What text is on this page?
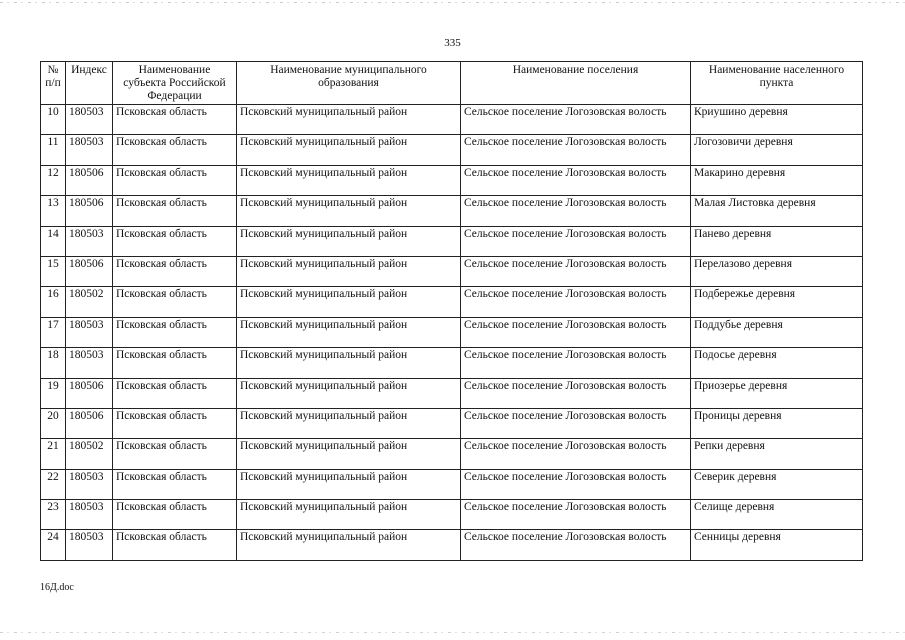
335
№ п/п	Индекс	Наименование субъекта Российской Федерации	Наименование муниципального образования	Наименование поселения	Наименование населенного пункта
10	180503	Псковская область	Псковский муниципальный район	Сельское поселение Логозовская волость	Криушино деревня
11	180503	Псковская область	Псковский муниципальный район	Сельское поселение Логозовская волость	Логозовичи деревня
12	180506	Псковская область	Псковский муниципальный район	Сельское поселение Логозовская волость	Макарино деревня
13	180506	Псковская область	Псковский муниципальный район	Сельское поселение Логозовская волость	Малая Листовка деревня
14	180503	Псковская область	Псковский муниципальный район	Сельское поселение Логозовская волость	Панево деревня
15	180506	Псковская область	Псковский муниципальный район	Сельское поселение Логозовская волость	Перелазово деревня
16	180502	Псковская область	Псковский муниципальный район	Сельское поселение Логозовская волость	Подбережье деревня
17	180503	Псковская область	Псковский муниципальный район	Сельское поселение Логозовская волость	Поддубье деревня
18	180503	Псковская область	Псковский муниципальный район	Сельское поселение Логозовская волость	Подосье деревня
19	180506	Псковская область	Псковский муниципальный район	Сельское поселение Логозовская волость	Приозерье деревня
20	180506	Псковская область	Псковский муниципальный район	Сельское поселение Логозовская волость	Проницы деревня
21	180502	Псковская область	Псковский муниципальный район	Сельское поселение Логозовская волость	Репки деревня
22	180503	Псковская область	Псковский муниципальный район	Сельское поселение Логозовская волость	Северик деревня
23	180503	Псковская область	Псковский муниципальный район	Сельское поселение Логозовская волость	Селище деревня
24	180503	Псковская область	Псковский муниципальный район	Сельское поселение Логозовская волость	Сенницы деревня
16Д.doc
